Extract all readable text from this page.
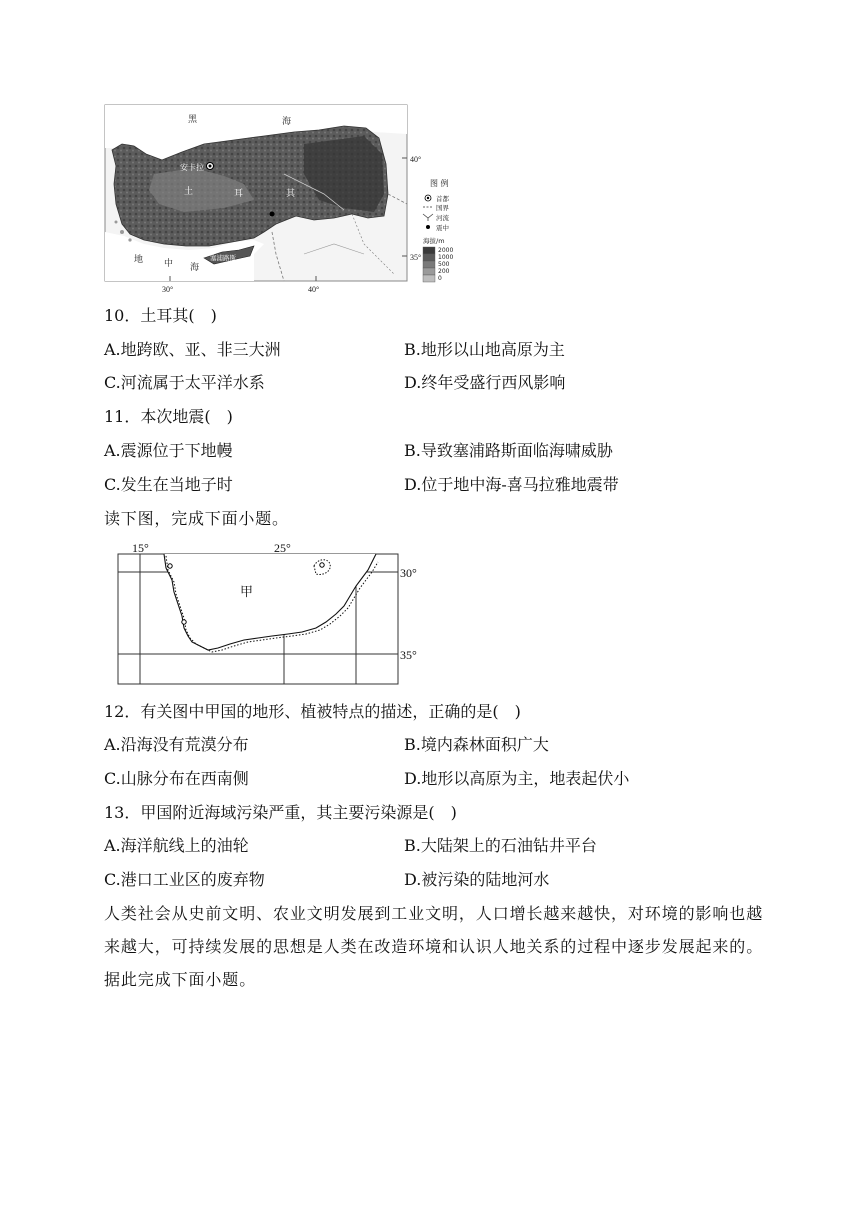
黑	海
安卡拉
土	耳	其
地 中 海
塞浦路斯
40°
35°
30°	40°
图 例
首都
国界
河流
震中
海拔/m
2000
1000
500
200
0
10．土耳其(　)
A.地跨欧、亚、非三大洲	B.地形以山地高原为主
C.河流属于太平洋水系	D.终年受盛行西风影响
11．本次地震(　)
A.震源位于下地幔	B.导致塞浦路斯面临海啸威胁
C.发生在当地子时	D.位于地中海-喜马拉雅地震带
读下图，完成下面小题。
15°	25°
30°
35°
甲
12．有关图中甲国的地形、植被特点的描述，正确的是(　)
A.沿海没有荒漠分布	B.境内森林面积广大
C.山脉分布在西南侧	D.地形以高原为主，地表起伏小
13．甲国附近海域污染严重，其主要污染源是(　)
A.海洋航线上的油轮	B.大陆架上的石油钻井平台
C.港口工业区的废弃物	D.被污染的陆地河水
人类社会从史前文明、农业文明发展到工业文明，人口增长越来越快，对环境的影响也越来越大，可持续发展的思想是人类在改造环境和认识人地关系的过程中逐步发展起来的。据此完成下面小题。
